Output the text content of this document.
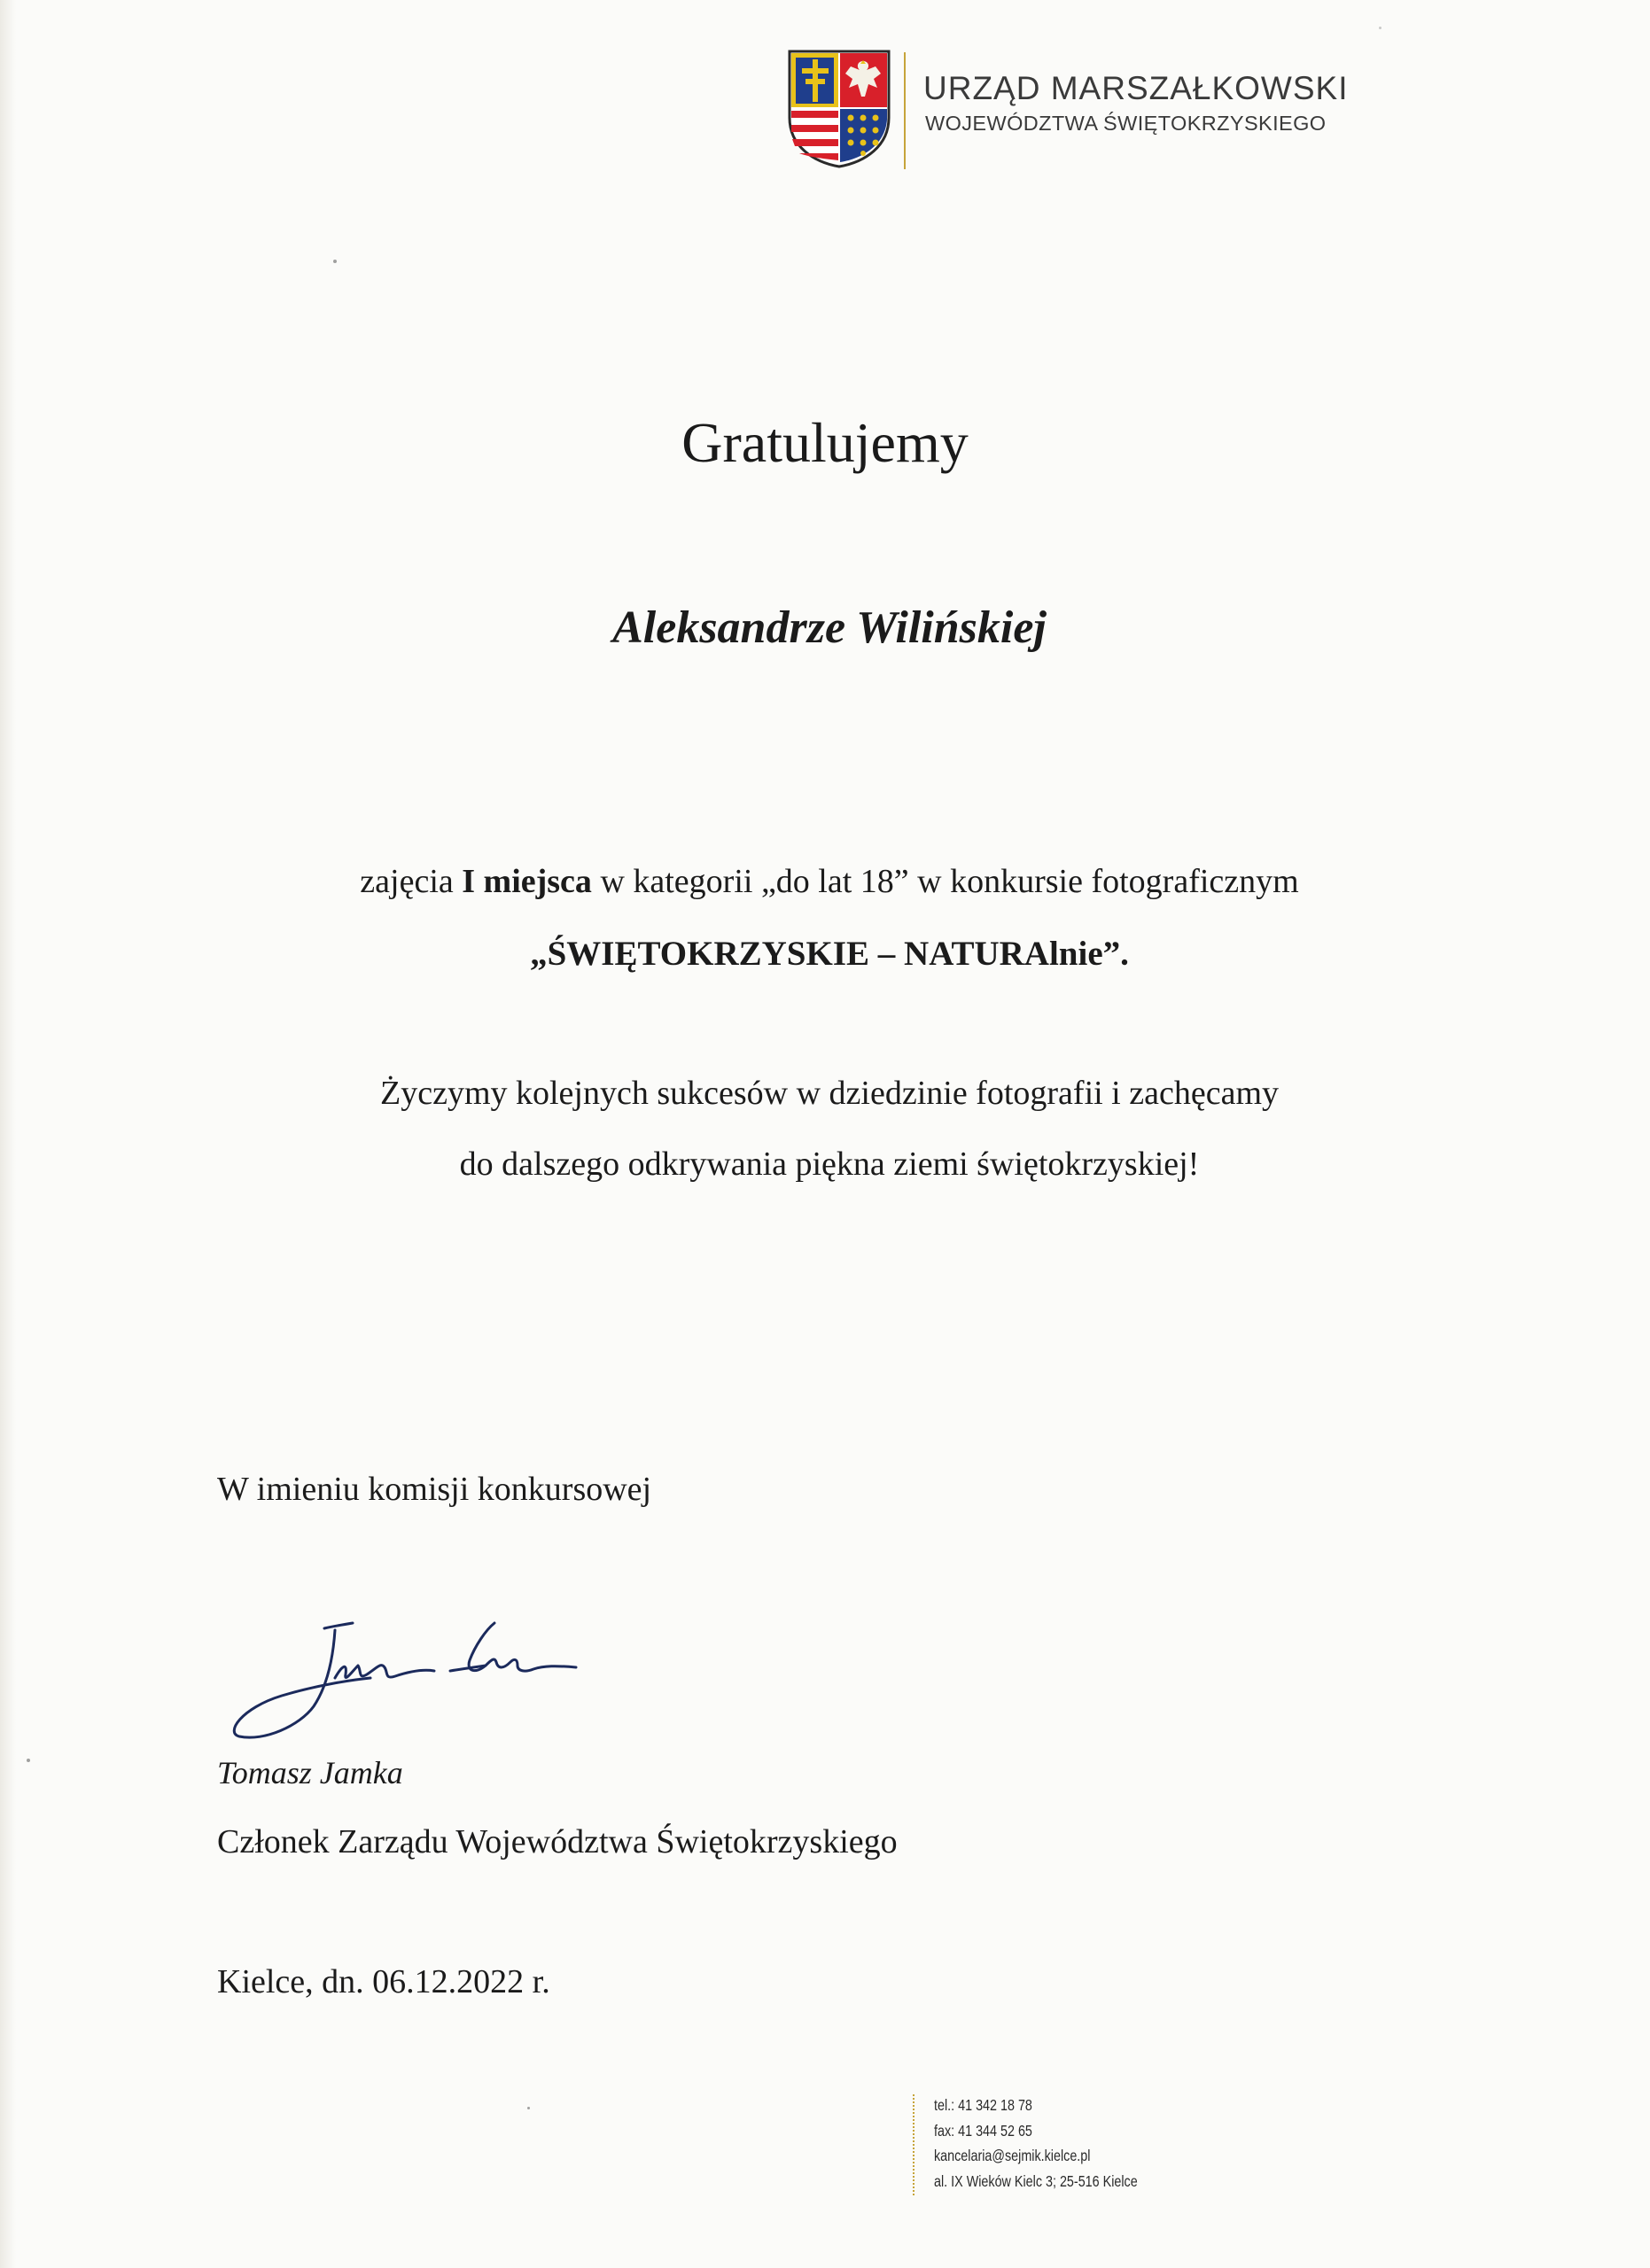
URZĄD MARSZAŁKOWSKI
WOJEWÓDZTWA ŚWIĘTOKRZYSKIEGO
Gratulujemy
Aleksandrze Wilińskiej
zajęcia I miejsca w kategorii „do lat 18” w konkursie fotograficznym
„ŚWIĘTOKRZYSKIE – NATURAlnie”.
Życzymy kolejnych sukcesów w dziedzinie fotografii i zachęcamy
do dalszego odkrywania piękna ziemi świętokrzyskiej!
W imieniu komisji konkursowej
Tomasz Jamka
Członek Zarządu Województwa Świętokrzyskiego
Kielce, dn. 06.12.2022 r.
tel.: 41 342 18 78
fax: 41 344 52 65
kancelaria@sejmik.kielce.pl
al. IX Wieków Kielc 3; 25-516 Kielce
